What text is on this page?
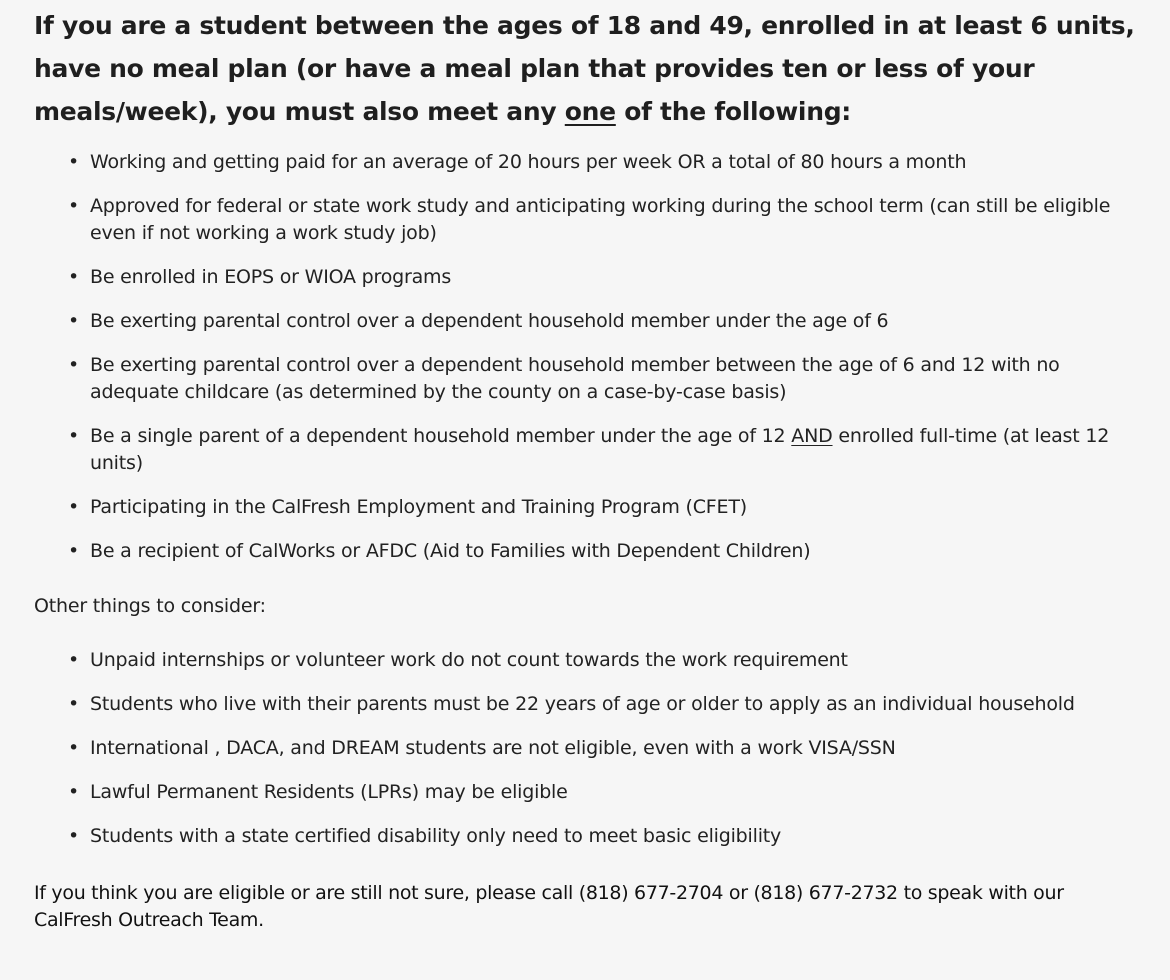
If you are a student between the ages of 18 and 49, enrolled in at least 6 units, have no meal plan (or have a meal plan that provides ten or less of your meals/week), you must also meet any one of the following:
• Working and getting paid for an average of 20 hours per week OR a total of 80 hours a month
• Approved for federal or state work study and anticipating working during the school term (can still be eligible even if not working a work study job)
• Be enrolled in EOPS or WIOA programs
• Be exerting parental control over a dependent household member under the age of 6
• Be exerting parental control over a dependent household member between the age of 6 and 12 with no adequate childcare (as determined by the county on a case-by-case basis)
• Be a single parent of a dependent household member under the age of 12 AND enrolled full-time (at least 12 units)
• Participating in the CalFresh Employment and Training Program (CFET)
• Be a recipient of CalWorks or AFDC (Aid to Families with Dependent Children)

Other things to consider:

• Unpaid internships or volunteer work do not count towards the work requirement
• Students who live with their parents must be 22 years of age or older to apply as an individual household
• International , DACA, and DREAM students are not eligible, even with a work VISA/SSN
• Lawful Permanent Residents (LPRs) may be eligible
• Students with a state certified disability only need to meet basic eligibility

If you think you are eligible or are still not sure, please call (818) 677-2704 or (818) 677-2732 to speak with our CalFresh Outreach Team.
